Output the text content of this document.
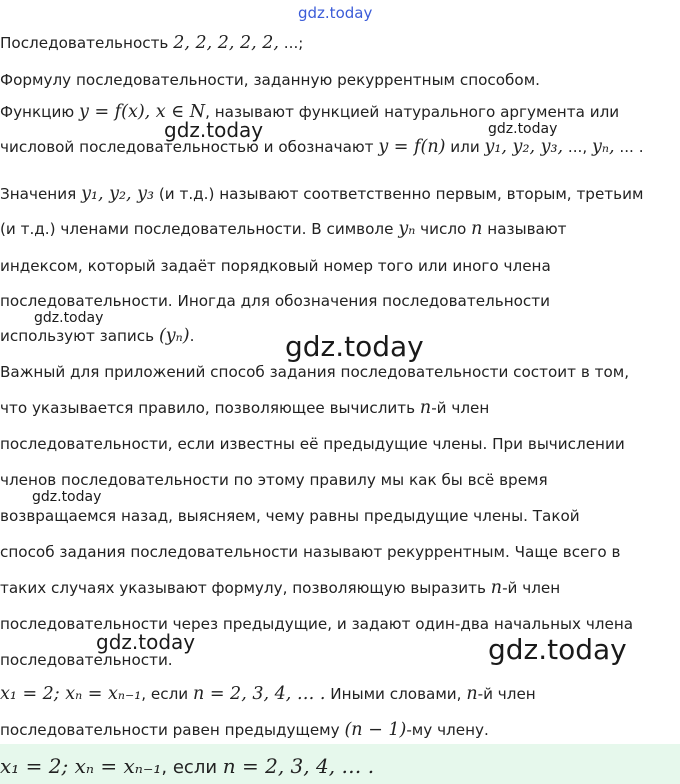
gdz.today
gdz.today	gdz.today
gdz.today
gdz.today
gdz.today
gdz.today	gdz.today
Последовательность 2, 2, 2, 2, 2, ...;
Формулу последовательности, заданную рекуррентным способом.
Функцию y = f(x), x ∈ N, называют функцией натурального аргумента или
числовой последовательностью и обозначают y = f(n) или y₁, y₂, y₃, ..., yₙ, ... .
Значения y₁, y₂, y₃ (и т.д.) называют соответственно первым, вторым, третьим
(и т.д.) членами последовательности. В символе yₙ число n называют
индексом, который задаёт порядковый номер того или иного члена
последовательности. Иногда для обозначения последовательности
используют запись (yₙ).
Важный для приложений способ задания последовательности состоит в том,
что указывается правило, позволяющее вычислить n-й член
последовательности, если известны её предыдущие члены. При вычислении
членов последовательности по этому правилу мы как бы всё время
возвращаемся назад, выясняем, чему равны предыдущие члены. Такой
способ задания последовательности называют рекуррентным. Чаще всего в
таких случаях указывают формулу, позволяющую выразить n-й член
последовательности через предыдущие, и задают один-два начальных члена
последовательности.
x₁ = 2; xₙ = xₙ₋₁, если n = 2, 3, 4, … . Иными словами, n-й член
последовательности равен предыдущему (n − 1)-му члену.
x₁ = 2; xₙ = xₙ₋₁, если n = 2, 3, 4, … .
